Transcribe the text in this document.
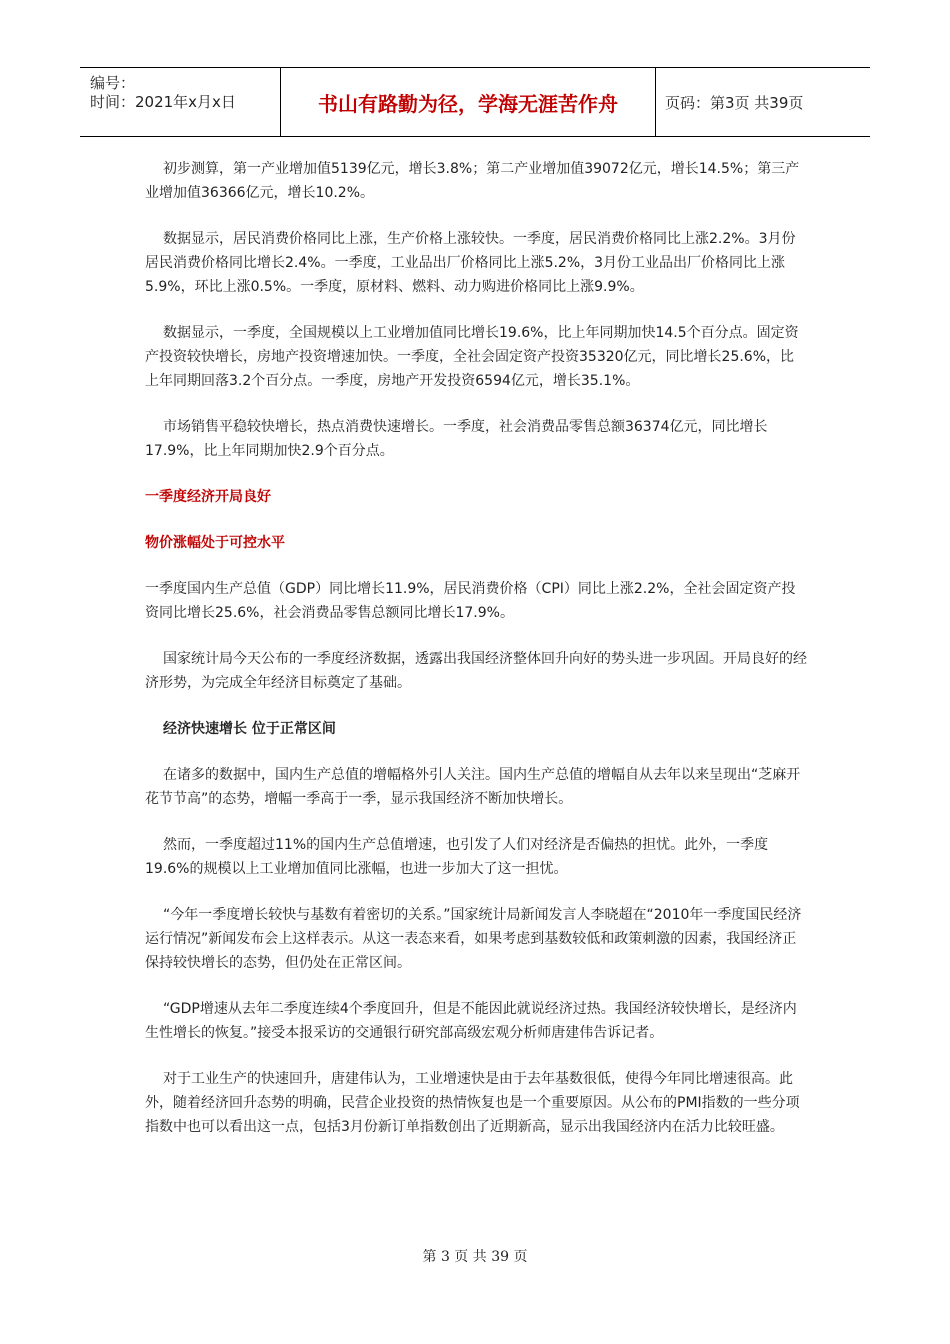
编号：
时间：2021年x月x日	书山有路勤为径，学海无涯苦作舟	页码：第3页 共39页

初步测算，第一产业增加值5139亿元，增长3.8%；第二产业增加值39072亿元，增长14.5%；第三产业增加值36366亿元，增长10.2%。

数据显示，居民消费价格同比上涨，生产价格上涨较快。一季度，居民消费价格同比上涨2.2%。3月份居民消费价格同比增长2.4%。一季度，工业品出厂价格同比上涨5.2%，3月份工业品出厂价格同比上涨5.9%，环比上涨0.5%。一季度，原材料、燃料、动力购进价格同比上涨9.9%。

数据显示，一季度，全国规模以上工业增加值同比增长19.6%，比上年同期加快14.5个百分点。固定资产投资较快增长，房地产投资增速加快。一季度，全社会固定资产投资35320亿元，同比增长25.6%，比上年同期回落3.2个百分点。一季度，房地产开发投资6594亿元，增长35.1%。

市场销售平稳较快增长，热点消费快速增长。一季度，社会消费品零售总额36374亿元，同比增长17.9%，比上年同期加快2.9个百分点。

一季度经济开局良好

物价涨幅处于可控水平

一季度国内生产总值（GDP）同比增长11.9%，居民消费价格（CPI）同比上涨2.2%，全社会固定资产投资同比增长25.6%，社会消费品零售总额同比增长17.9%。

国家统计局今天公布的一季度经济数据，透露出我国经济整体回升向好的势头进一步巩固。开局良好的经济形势，为完成全年经济目标奠定了基础。

经济快速增长 位于正常区间

在诸多的数据中，国内生产总值的增幅格外引人关注。国内生产总值的增幅自从去年以来呈现出“芝麻开花节节高”的态势，增幅一季高于一季，显示我国经济不断加快增长。

然而，一季度超过11%的国内生产总值增速，也引发了人们对经济是否偏热的担忧。此外，一季度19.6%的规模以上工业增加值同比涨幅，也进一步加大了这一担忧。

“今年一季度增长较快与基数有着密切的关系。”国家统计局新闻发言人李晓超在“2010年一季度国民经济运行情况”新闻发布会上这样表示。从这一表态来看，如果考虑到基数较低和政策刺激的因素，我国经济正保持较快增长的态势，但仍处在正常区间。

“GDP增速从去年二季度连续4个季度回升，但是不能因此就说经济过热。我国经济较快增长，是经济内生性增长的恢复。”接受本报采访的交通银行研究部高级宏观分析师唐建伟告诉记者。

对于工业生产的快速回升，唐建伟认为，工业增速快是由于去年基数很低，使得今年同比增速很高。此外，随着经济回升态势的明确，民营企业投资的热情恢复也是一个重要原因。从公布的PMI指数的一些分项指数中也可以看出这一点，包括3月份新订单指数创出了近期新高，显示出我国经济内在活力比较旺盛。

第 3 页 共 39 页
